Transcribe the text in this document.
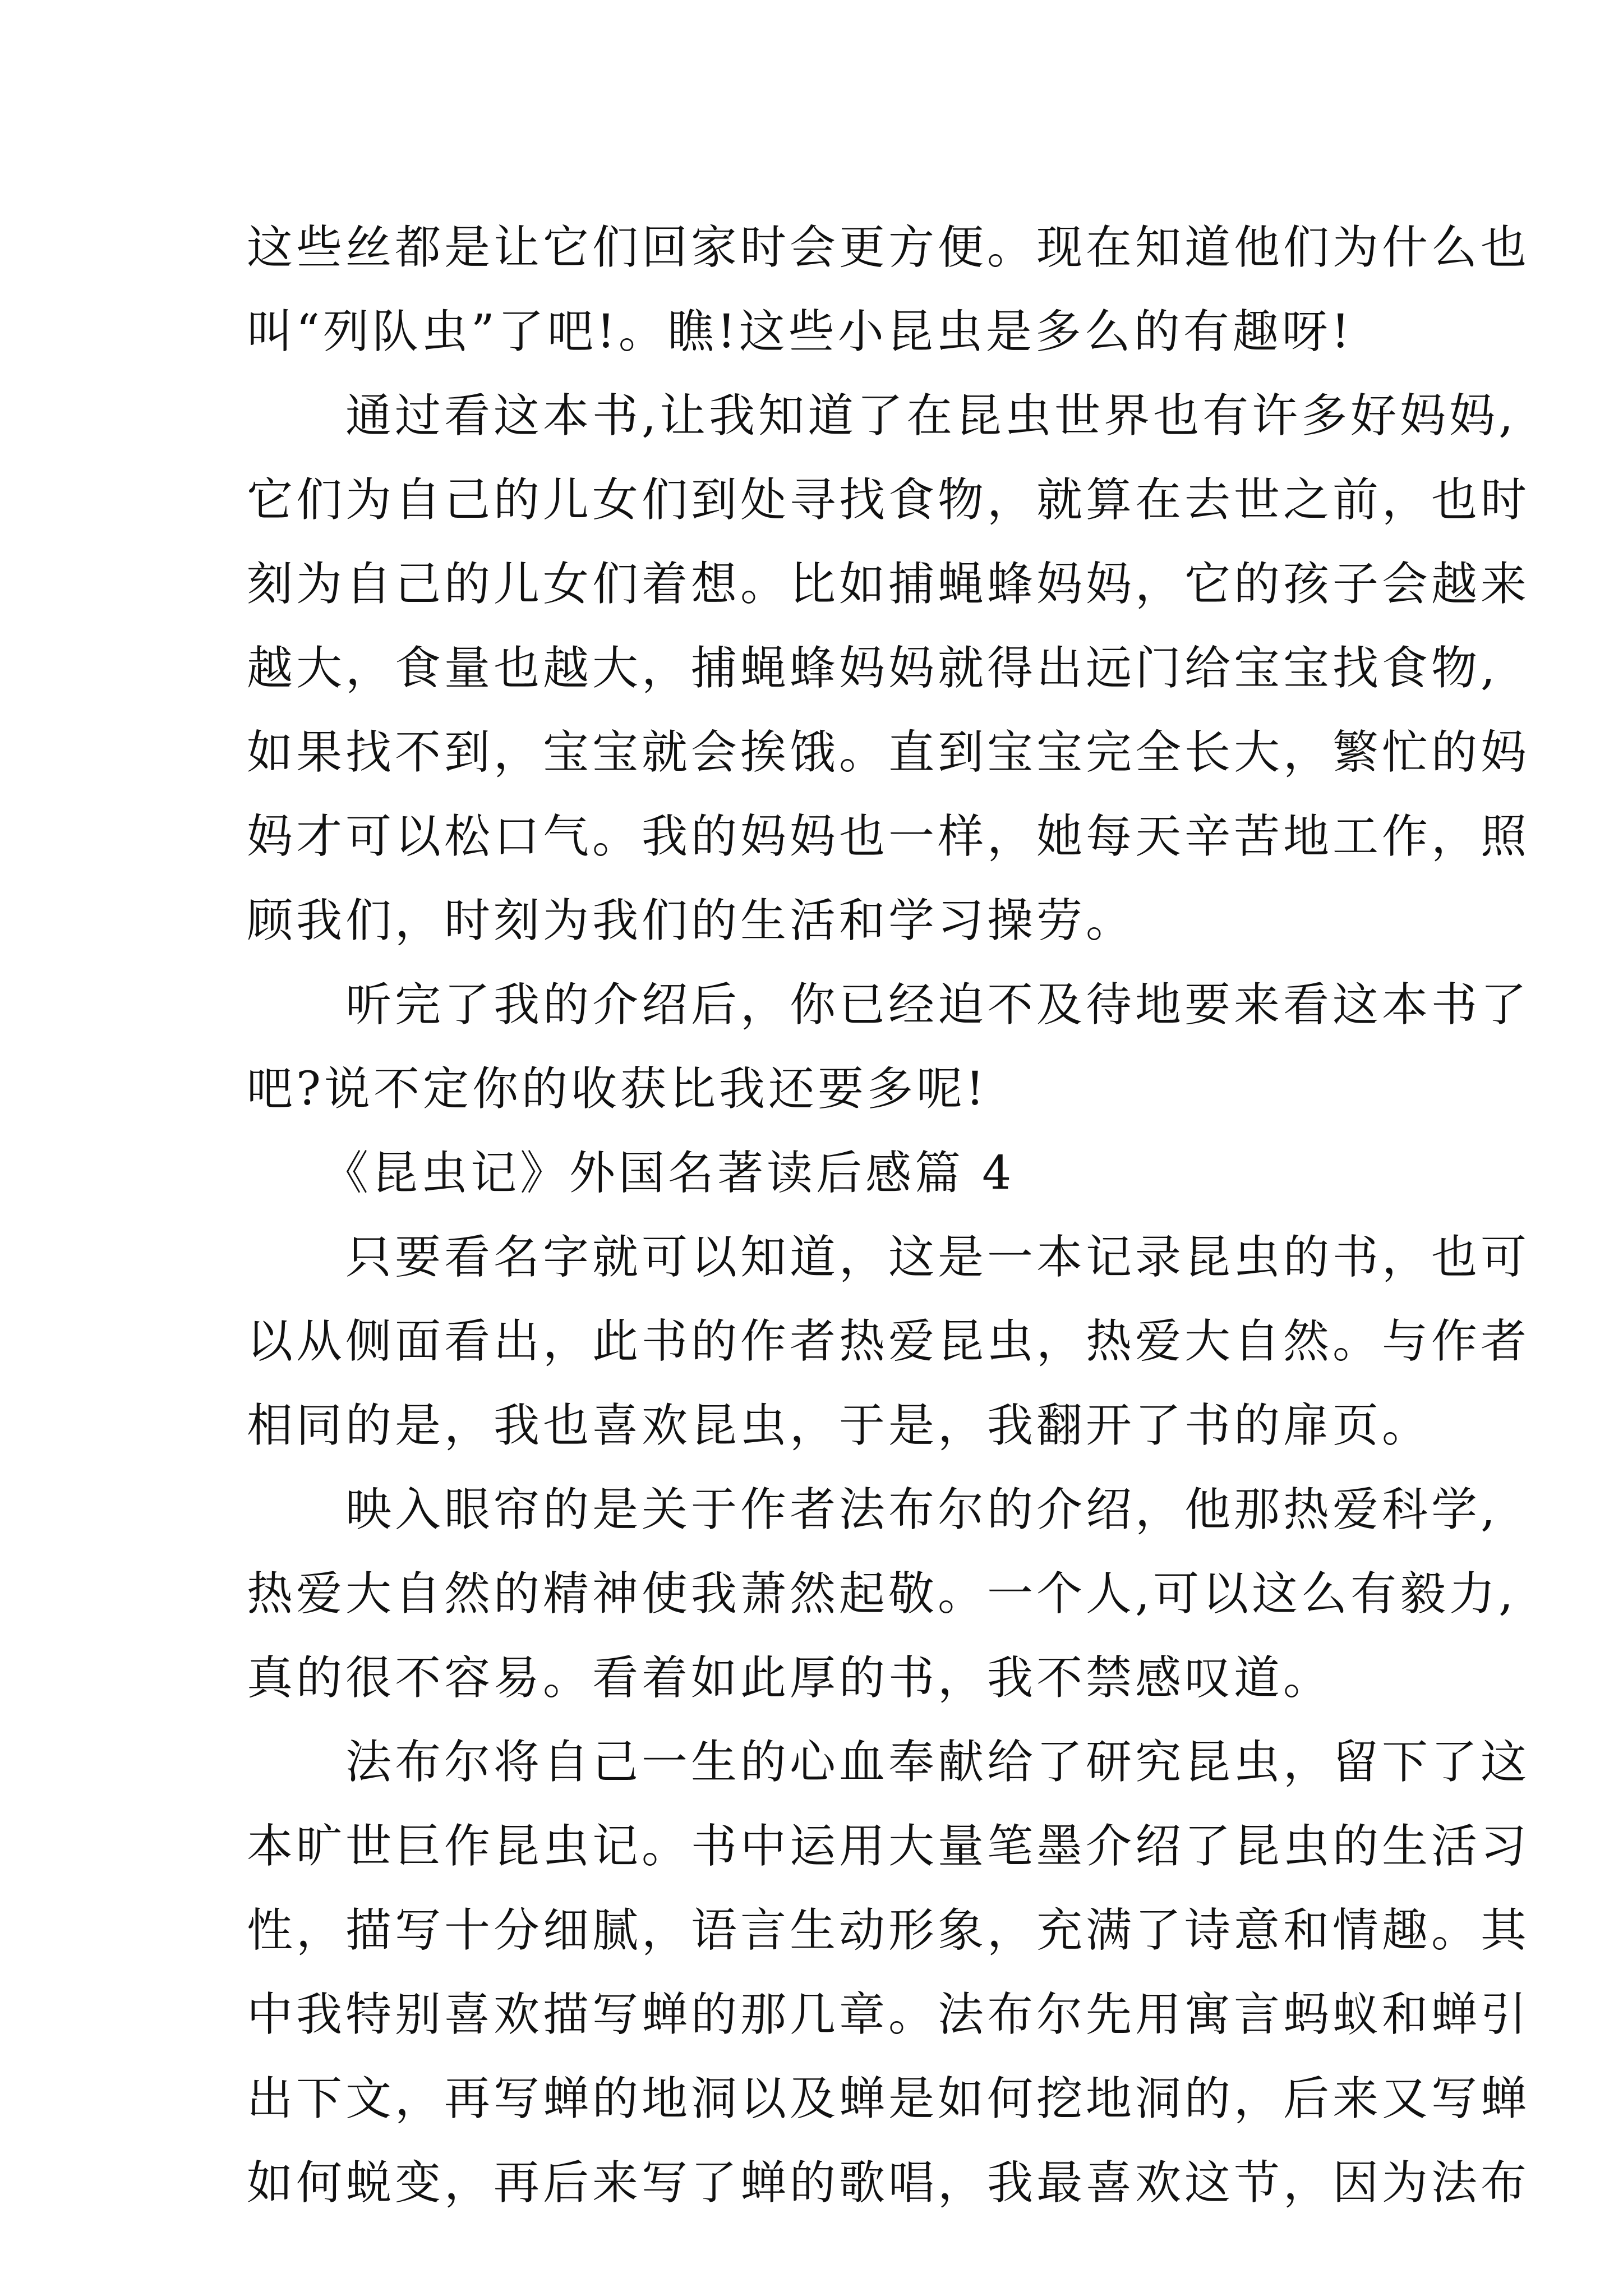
这些丝都是让它们回家时会更方便。现在知道他们为什么也
叫“列队虫”了吧!。瞧!这些小昆虫是多么的有趣呀!
　　通过看这本书,让我知道了在昆虫世界也有许多好妈妈,
它们为自己的儿女们到处寻找食物，就算在去世之前，也时
刻为自己的儿女们着想。比如捕蝇蜂妈妈，它的孩子会越来
越大，食量也越大，捕蝇蜂妈妈就得出远门给宝宝找食物,
如果找不到，宝宝就会挨饿。直到宝宝完全长大，繁忙的妈
妈才可以松口气。我的妈妈也一样，她每天辛苦地工作，照
顾我们，时刻为我们的生活和学习操劳。
　　听完了我的介绍后，你已经迫不及待地要来看这本书了
吧?说不定你的收获比我还要多呢!
　　《昆虫记》外国名著读后感篇 4
　　只要看名字就可以知道，这是一本记录昆虫的书，也可
以从侧面看出，此书的作者热爱昆虫，热爱大自然。与作者
相同的是，我也喜欢昆虫，于是，我翻开了书的扉页。
　　映入眼帘的是关于作者法布尔的介绍，他那热爱科学,
热爱大自然的精神使我萧然起敬。一个人,可以这么有毅力,
真的很不容易。看着如此厚的书，我不禁感叹道。
　　法布尔将自己一生的心血奉献给了研究昆虫，留下了这
本旷世巨作昆虫记。书中运用大量笔墨介绍了昆虫的生活习
性，描写十分细腻，语言生动形象，充满了诗意和情趣。其
中我特别喜欢描写蝉的那几章。法布尔先用寓言蚂蚁和蝉引
出下文，再写蝉的地洞以及蝉是如何挖地洞的，后来又写蝉
如何蜕变，再后来写了蝉的歌唱，我最喜欢这节，因为法布
